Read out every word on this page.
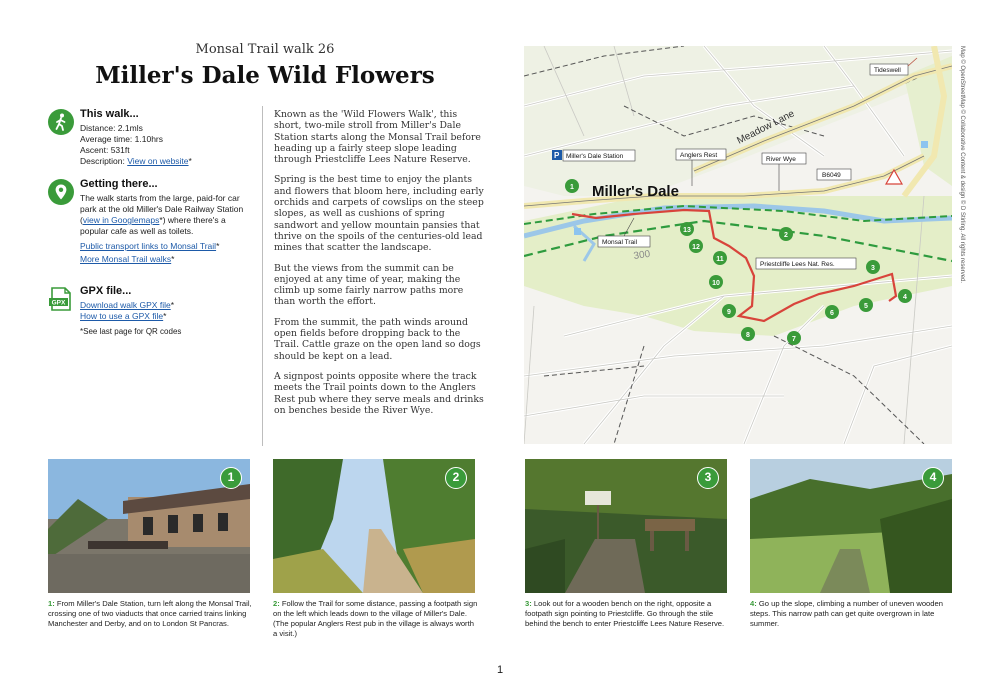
Monsal Trail walk 26
Miller's Dale Wild Flowers
This walk...
Distance: 2.1mls
Average time: 1.10hrs
Ascent: 531ft
Description: View on website*
Getting there...
The walk starts from the large, paid-for car park at the old Miller's Dale Railway Station (view in Googlemaps*) where there's a popular cafe as well as toilets.
Public transport links to Monsal Trail*
More Monsal Trail walks*
GPX
GPX file...
Download walk GPX file*
How to use a GPX file*
*See last page for QR codes

Known as the 'Wild Flowers Walk', this short, two-mile stroll from Miller's Dale Station starts along the Monsal Trail before heading up a fairly steep slope leading through Priestcliffe Lees Nature Reserve.

Spring is the best time to enjoy the plants and flowers that bloom here, including early orchids and carpets of cowslips on the steep slopes, as well as cushions of spring sandwort and yellow mountain pansies that thrive on the spoils of the centuries-old lead mines that scatter the landscape.

But the views from the summit can be enjoyed at any time of year, making the climb up some fairly narrow paths more than worth the effort.

From the summit, the path winds around open fields before dropping back to the Trail. Cattle graze on the open land so dogs should be kept on a lead.

A signpost points opposite where the track meets the Trail points down to the Anglers Rest pub where they serve meals and drinks on benches beside the River Wye.

300
Meadow Lane
Tideswell
P Miller's Dale Station	Anglers Rest
River Wye
B6049
Monsal Trail
Priestcliffe Lees Nat. Res.
Miller's Dale
1
2
3
4
5
6
7
8
9
10
11
12
13	Map © OpenStreetMap © Collaborative Content & design © D Stirling. All rights reserved.
1
1: From Miller's Dale Station, turn left along the Monsal Trail, crossing one of two viaducts that once carried trains linking Manchester and Derby, and on to London St Pancras.
2
2: Follow the Trail for some distance, passing a footpath sign on the left which leads down to the village of Miller's Dale. (The popular Anglers Rest pub in the village is always worth a visit.)
3
3: Look out for a wooden bench on the right, opposite a footpath sign pointing to Priestcliffe. Go through the stile behind the bench to enter Priestcliffe Lees Nature Reserve.
4
4: Go up the slope, climbing a number of uneven wooden steps. This narrow path can get quite overgrown in late summer.
1
